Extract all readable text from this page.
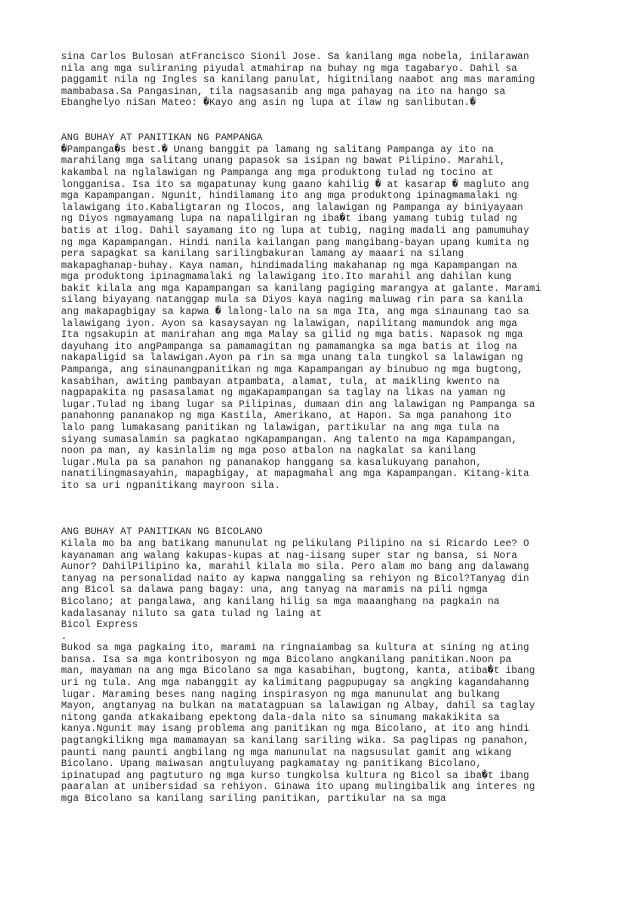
sina Carlos Bulosan atFrancisco Sionil Jose. Sa kanilang mga nobela, inilarawan
nila ang mga suliraning piyudal atmahirap na buhay ng mga tagabaryo. Dahil sa
paggamit nila ng Ingles sa kanilang panulat, higitnilang naabot ang mas maraming
mambabasa.Sa Pangasinan, tila nagsasanib ang mga pahayag na ito na hango sa
Ebanghelyo niSan Mateo: �Kayo ang asin ng lupa at ilaw ng sanlibutan.�
ANG BUHAY AT PANITIKAN NG PAMPANGA
�Pampanga�s best.� Unang banggit pa lamang ng salitang Pampanga ay ito na
marahilang mga salitang unang papasok sa isipan ng bawat Pilipino. Marahil,
kakambal na nglalawigan ng Pampanga ang mga produktong tulad ng tocino at
longganisa. Isa ito sa mgapatunay kung gaano kahilig � at kasarap � magluto ang
mga Kapampangan. Ngunit, hindilamang ito ang mga produktong ipinagmamalaki ng
lalawigang ito.Kabaligtaran ng Ilocos, ang lalawigan ng Pampanga ay biniyayaan
ng Diyos ngmayamang lupa na napalilgiran ng iba�t ibang yamang tubig tulad ng
batis at ilog. Dahil sayamang ito ng lupa at tubig, naging madali ang pamumuhay
ng mga Kapampangan. Hindi nanila kailangan pang mangibang-bayan upang kumita ng
pera sapagkat sa kanilang sarilingbakuran lamang ay maaari na silang
makapaghanap-buhay. Kaya naman, hindimadaling makahanap ng mga Kapampangan na
mga produktong ipinagmamalaki ng lalawigang ito.Ito marahil ang dahilan kung
bakit kilala ang mga Kapampangan sa kanilang pagiging marangya at galante. Marami
silang biyayang natanggap mula sa Diyos kaya naging maluwag rin para sa kanila
ang makapagbigay sa kapwa � lalong-lalo na sa mga Ita, ang mga sinaunang tao sa
lalawigang iyon. Ayon sa kasaysayan ng lalawigan, napilitang mamundok ang mga
Ita ngsakupin at manirahan ang mga Malay sa gilid ng mga batis. Napasok ng mga
dayuhang ito angPampanga sa pamamagitan ng pamamangka sa mga batis at ilog na
nakapaligid sa lalawigan.Ayon pa rin sa mga unang tala tungkol sa lalawigan ng
Pampanga, ang sinaunangpanitikan ng mga Kapampangan ay binubuo ng mga bugtong,
kasabihan, awiting pambayan atpambata, alamat, tula, at maikling kwento na
nagpapakita ng pasasalamat ng mgaKapampangan sa taglay na likas na yaman ng
lugar.Tulad ng ibang lugar sa Pilipinas, dumaan din ang lalawigan ng Pampanga sa
panahonng pananakop ng mga Kastila, Amerikano, at Hapon. Sa mga panahong ito
lalo pang lumakasang panitikan ng lalawigan, partikular na ang mga tula na
siyang sumasalamin sa pagkatao ngKapampangan. Ang talento na mga Kapampangan,
noon pa man, ay kasinlalim ng mga poso atbalon na nagkalat sa kanilang
lugar.Mula pa sa panahon ng pananakop hanggang sa kasalukuyang panahon,
nanatilingmasayahin, mapagbigay, at mapagmahal ang mga Kapampangan. Kitang-kita
ito sa uri ngpanitikang mayroon sila.
ANG BUHAY AT PANITIKAN NG BICOLANO
Kilala mo ba ang batikang manunulat ng pelikulang Pilipino na si Ricardo Lee? O
kayanaman ang walang kakupas-kupas at nag-iisang super star ng bansa, si Nora
Aunor? DahilPilipino ka, marahil kilala mo sila. Pero alam mo bang ang dalawang
tanyag na personalidad naito ay kapwa nanggaling sa rehiyon ng Bicol?Tanyag din
ang Bicol sa dalawa pang bagay: una, ang tanyag na maramis na pili ngmga
Bicolano; at pangalawa, ang kanilang hilig sa mga maaanghang na pagkain na
kadalasanay niluto sa gata tulad ng laing at
Bicol Express
.
Bukod sa mga pagkaing ito, marami na ringnaiambag sa kultura at sining ng ating
bansa. Isa sa mga kontribosyon ng mga Bicolano angkanilang panitikan.Noon pa
man, mayaman na ang mga Bicolano sa mga kasabihan, bugtong, kanta, atiba�t ibang
uri ng tula. Ang mga nabanggit ay kalimitang pagpupugay sa angking kagandahanng
lugar. Maraming beses nang naging inspirasyon ng mga manunulat ang bulkang
Mayon, angtanyag na bulkan na matatagpuan sa lalawigan ng Albay, dahil sa taglay
nitong ganda atkakaibang epektong dala-dala nito sa sinumang makakikita sa
kanya.Ngunit may isang problema ang panitikan ng mga Bicolano, at ito ang hindi
pagtangkilikng mga mamamayan sa kanilang sariling wika. Sa paglipas ng panahon,
paunti nang paunti angbilang ng mga manunulat na nagsusulat gamit ang wikang
Bicolano. Upang maiwasan angtuluyang pagkamatay ng panitikang Bicolano,
ipinatupad ang pagtuturo ng mga kurso tungkolsa kultura ng Bicol sa iba�t ibang
paaralan at unibersidad sa rehiyon. Ginawa ito upang mulingibalik ang interes ng
mga Bicolano sa kanilang sariling panitikan, partikular na sa mga
